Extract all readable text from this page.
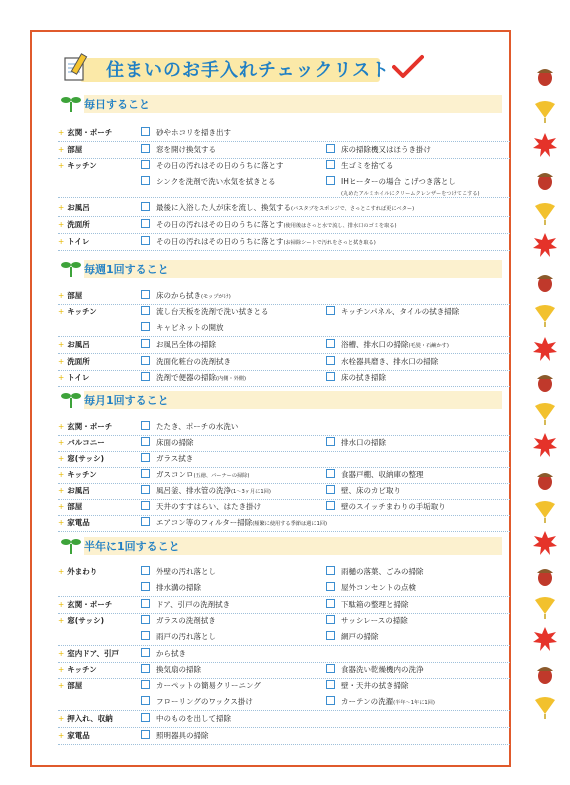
住まいのお手入れチェックリスト
毎日すること
+ 玄関・ポーチ	砂やホコリを掃き出す
+ 部屋	窓を開け換気する	床の掃除機又はほうき掛け
+ キッチン	その日の汚れはその日のうちに落とす	生ゴミを捨てる
シンクを洗剤で洗い水気を拭きとる	IHヒーターの場合 こげつき落とし
(丸めたアルミホイルにクリームクレンザーをつけてこする)
+ お風呂	最後に入浴した人が床を流し、換気する(バスタブをスポンジで、さっとこすれば更にベター)
+ 洗面所	その日の汚れはその日のうちに落とす(使用後はさっと水で流し、排水口のゴミを取る)
+ トイレ	その日の汚れはその日のうちに落とす(お掃除シートで汚れをさっと拭き取る)
毎週1回すること
+ 部屋	床のから拭き(モップがけ)
+ キッチン	流し台天板を洗剤で洗い拭きとる	キッチンパネル、タイルの拭き掃除
キャビネットの開放
+ お風呂	お風呂全体の掃除	浴槽、排水口の掃除(毛髪・石鹸かす)
+ 洗面所	洗面化粧台の洗剤拭き	水栓器具磨き、排水口の掃除
+ トイレ	洗剤で便器の掃除(内側・外側)	床の拭き掃除
毎月1回すること
+ 玄関・ポーチ	たたき、ポーチの水洗い
+ バルコニー	床面の掃除	排水口の掃除
+ 窓(サッシ)	ガラス拭き
+ キッチン	ガスコンロ(五徳、バーナーの掃除)	食器戸棚、収納庫の整理
+ お風呂	風呂釜、排水管の洗浄(1～3ヶ月に1回)	壁、床のカビ取り
+ 部屋	天井のすすはらい、はたき掛け	壁のスイッチまわりの手垢取り
+ 家電品	エアコン等のフィルター掃除(頻繁に使用する季節は週に1回)
半年に1回すること
+ 外まわり	外壁の汚れ落とし	雨樋の落葉、ごみの掃除
排水溝の掃除	屋外コンセントの点検
+ 玄関・ポーチ	ドア、引戸の洗剤拭き	下駄箱の整理と掃除
+ 窓(サッシ)	ガラスの洗剤拭き	サッシレースの掃除
雨戸の汚れ落とし	網戸の掃除
+ 室内ドア、引戸	から拭き
+ キッチン	換気扇の掃除	食器洗い乾燥機内の洗浄
+ 部屋	カーペットの簡易クリーニング	壁・天井の拭き掃除
フローリングのワックス掛け	カーテンの洗濯(半年～1年に1回)
+ 押入れ、収納	中のものを出して掃除
+ 家電品	照明器具の掃除
